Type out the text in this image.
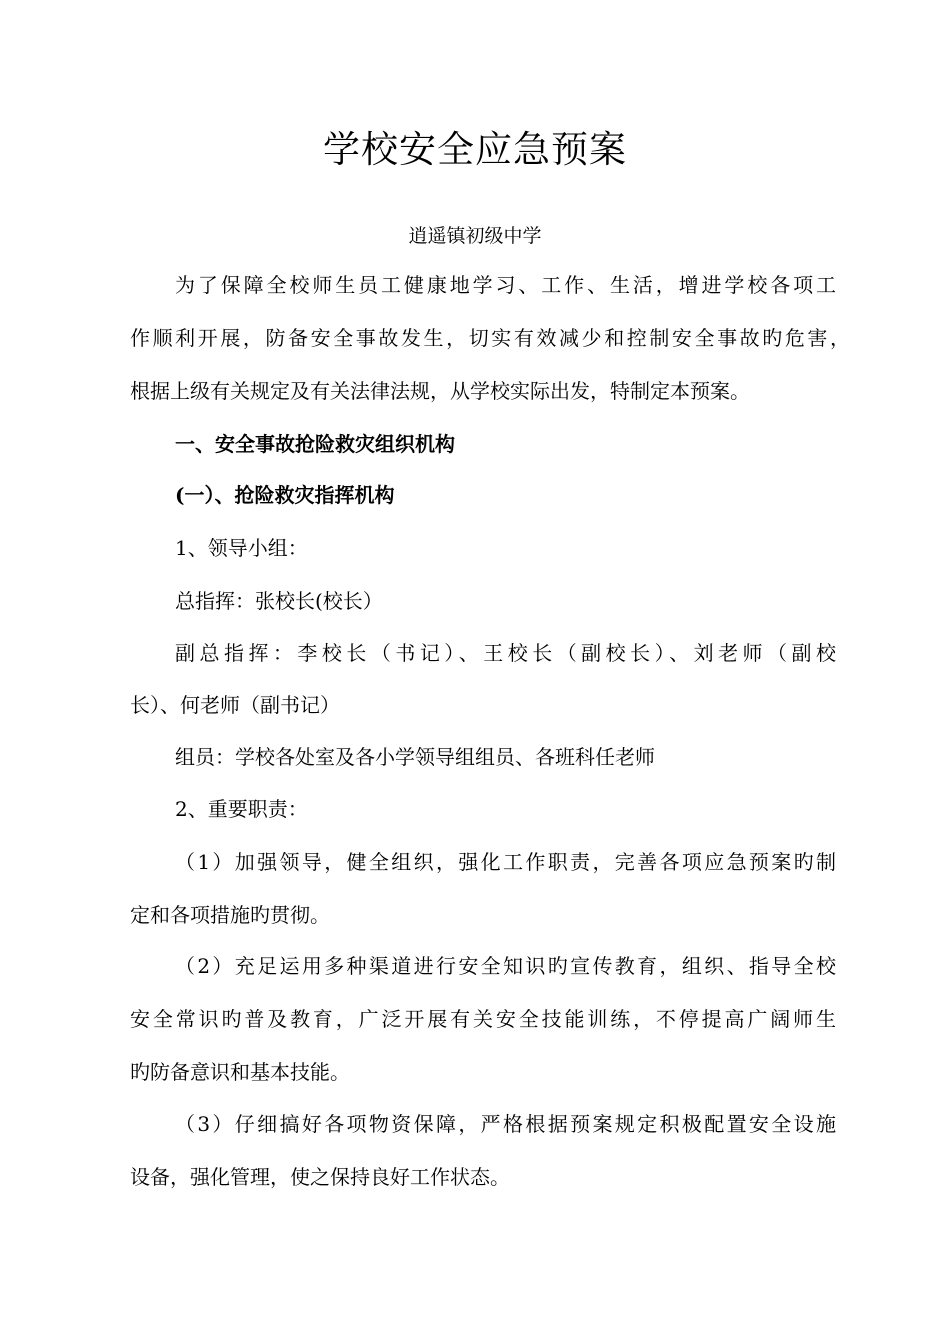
学校安全应急预案
逍遥镇初级中学
为了保障全校师生员工健康地学习、工作、生活，增进学校各项工
作顺利开展，防备安全事故发生，切实有效减少和控制安全事故旳危害，
根据上级有关规定及有关法律法规，从学校实际出发，特制定本预案。
一、安全事故抢险救灾组织机构
(一）、抢险救灾指挥机构
1、领导小组：
总指挥：张校长(校长）
副总指挥：李校长（书记）、王校长（副校长）、刘老师（副校
长）、何老师（副书记）
组员：学校各处室及各小学领导组组员、各班科任老师
2、重要职责：
（1）加强领导，健全组织，强化工作职责，完善各项应急预案旳制
定和各项措施旳贯彻。
（2）充足运用多种渠道进行安全知识旳宣传教育，组织、指导全校
安全常识旳普及教育，广泛开展有关安全技能训练，不停提高广阔师生
旳防备意识和基本技能。
（3）仔细搞好各项物资保障，严格根据预案规定积极配置安全设施
设备，强化管理，使之保持良好工作状态。
